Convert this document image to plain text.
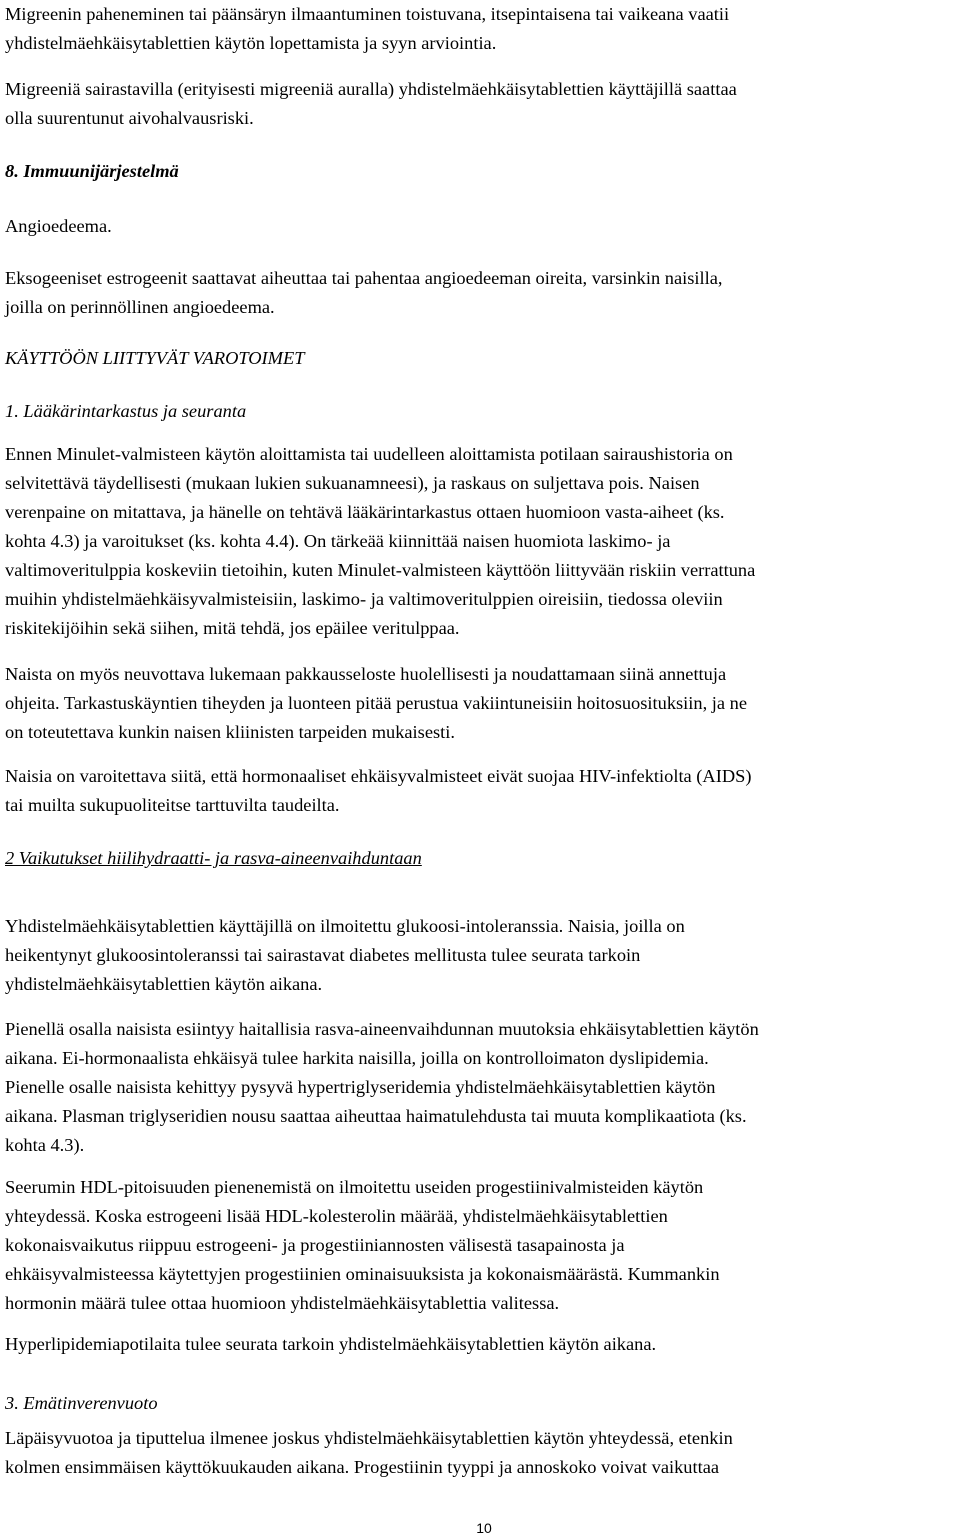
Migreenin paheneminen tai päänsäryn ilmaantuminen toistuvana, itsepintaisena tai vaikeana vaatii

yhdistelmäehkäisytablettien käytön lopettamista ja syyn arviointia.

Migreeniä sairastavilla (erityisesti migreeniä auralla) yhdistelmäehkäisytablettien käyttäjillä saattaa

olla suurentunut aivohalvausriski.

8. Immuunijärjestelmä

Angioedeema.

Eksogeeniset estrogeenit saattavat aiheuttaa tai pahentaa angioedeeman oireita, varsinkin naisilla,

joilla on perinnöllinen angioedeema.

KÄYTTÖÖN LIITTYVÄT VAROTOIMET

1. Lääkärintarkastus ja seuranta

Ennen Minulet-valmisteen käytön aloittamista tai uudelleen aloittamista potilaan sairaushistoria on

selvitettävä täydellisesti (mukaan lukien sukuanamneesi), ja raskaus on suljettava pois. Naisen

verenpaine on mitattava, ja hänelle on tehtävä lääkärintarkastus ottaen huomioon vasta-aiheet (ks.

kohta 4.3) ja varoitukset (ks. kohta 4.4). On tärkeää kiinnittää naisen huomiota laskimo- ja

valtimoveritulppia koskeviin tietoihin, kuten Minulet-valmisteen käyttöön liittyvään riskiin verrattuna

muihin yhdistelmäehkäisyvalmisteisiin, laskimo- ja valtimoveritulppien oireisiin, tiedossa oleviin

riskitekijöihin sekä siihen, mitä tehdä, jos epäilee veritulppaa.

Naista on myös neuvottava lukemaan pakkausseloste huolellisesti ja noudattamaan siinä annettuja

ohjeita. Tarkastuskäyntien tiheyden ja luonteen pitää perustua vakiintuneisiin hoitosuosituksiin, ja ne

on toteutettava kunkin naisen kliinisten tarpeiden mukaisesti.

Naisia on varoitettava siitä, että hormonaaliset ehkäisyvalmisteet eivät suojaa HIV-infektiolta (AIDS)

tai muilta sukupuoliteitse tarttuvilta taudeilta.

2 Vaikutukset hiilihydraatti- ja rasva-aineenvaihduntaan

Yhdistelmäehkäisytablettien käyttäjillä on ilmoitettu glukoosi-intoleranssia. Naisia, joilla on

heikentynyt glukoosintoleranssi tai sairastavat diabetes mellitusta tulee seurata tarkoin

yhdistelmäehkäisytablettien käytön aikana.

Pienellä osalla naisista esiintyy haitallisia rasva-aineenvaihdunnan muutoksia ehkäisytablettien käytön

aikana. Ei-hormonaalista ehkäisyä tulee harkita naisilla, joilla on kontrolloimaton dyslipidemia.

Pienelle osalle naisista kehittyy pysyvä hypertriglyseridemia yhdistelmäehkäisytablettien käytön

aikana. Plasman triglyseridien nousu saattaa aiheuttaa haimatulehdusta tai muuta komplikaatiota (ks.

kohta 4.3).

Seerumin HDL-pitoisuuden pienenemistä on ilmoitettu useiden progestiinivalmisteiden käytön

yhteydessä. Koska estrogeeni lisää HDL-kolesterolin määrää, yhdistelmäehkäisytablettien

kokonaisvaikutus riippuu estrogeeni- ja progestiiniannosten välisestä tasapainosta ja

ehkäisyvalmisteessa käytettyjen progestiinien ominaisuuksista ja kokonaismäärästä. Kummankin

hormonin määrä tulee ottaa huomioon yhdistelmäehkäisytablettia valitessa.

Hyperlipidemiapotilaita tulee seurata tarkoin yhdistelmäehkäisytablettien käytön aikana.

3. Emätinverenvuoto

Läpäisyvuotoa ja tiputtelua ilmenee joskus yhdistelmäehkäisytablettien käytön yhteydessä, etenkin

kolmen ensimmäisen käyttökuukauden aikana. Progestiinin tyyppi ja annoskoko voivat vaikuttaa

10
